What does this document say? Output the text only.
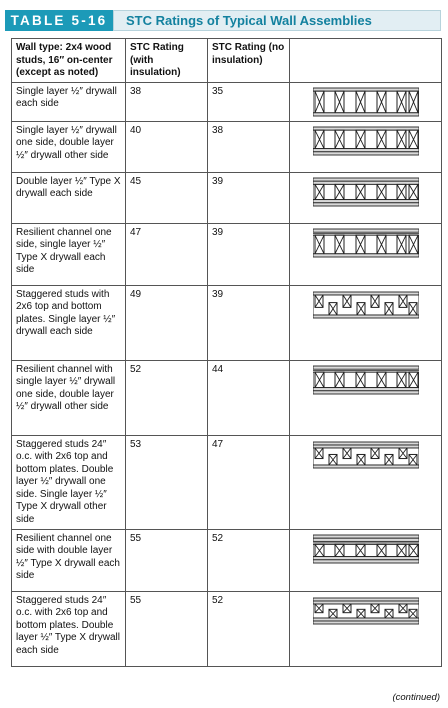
TABLE 5-16	STC Ratings of Typical Wall Assemblies
Wall type: 2x4 wood studs, 16″ on-center (except as noted)	STC Rating (with insulation)	STC Rating (no insulation)	
Single layer ½″ drywall each side	38	35	

Single layer ½″ drywall one side, double layer ½″ drywall other side	40	38	

Double layer ½″ Type X drywall each side	45	39	

Resilient channel one side, single layer ½″ Type X drywall each side	47	39	

Staggered studs with 2x6 top and bottom plates. Single layer ½″ drywall each side	49	39	

Resilient channel with single layer ½″ drywall one side, double layer ½″ drywall other side	52	44	

Staggered studs 24″ o.c. with 2x6 top and bottom plates. Double layer ½″ drywall one side. Single layer ½″ Type X drywall other side	53	47	

Resilient channel one side with double layer ½″ Type X drywall each side	55	52	

Staggered studs 24″ o.c. with 2x6 top and bottom plates. Double layer ½″ Type X drywall each side	55	52	
(continued)
